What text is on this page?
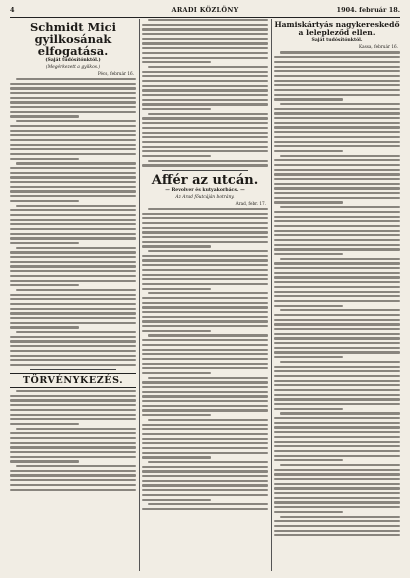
4	ARADI KÖZLÖNY	1904. február 18.
Schmidt Mici gyilkosának elfogatása.
(Saját tudósítónktól.)
(Megérkezett a gyilkos.)
Pécs, február 16.
TÖRVÉNYKEZÉS.
Affér az utcán.
— Revolver és kutyakorbács. —
Az Arad főutcáján botrány.
Arad, febr. 17.
Hamiskártyás nagykereskedő a lelepleződ ellen.
Saját tudósítónktól.
Kassa, február 16.
